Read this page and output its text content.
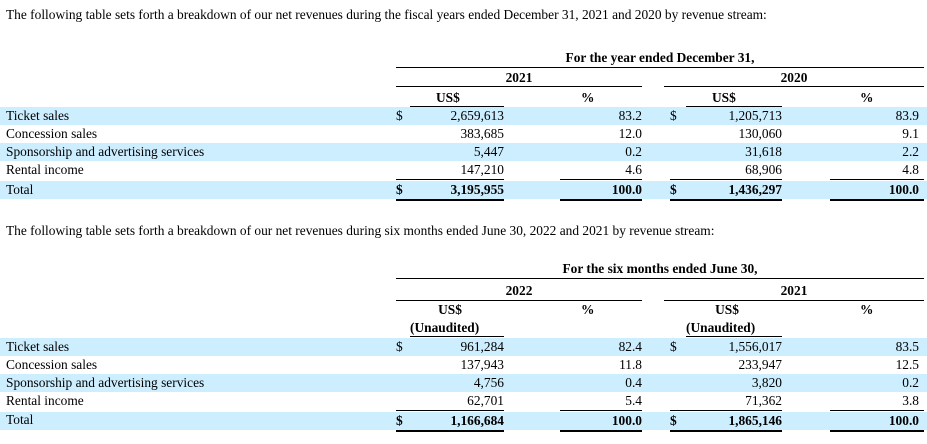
The following table sets forth a breakdown of our net revenues during the fiscal years ended December 31, 2021 and 2020 by revenue stream:
For the year ended December 31,
2021	2020
US$	%	US$	%
Ticket sales	$	2,659,613	83.2 $	1,205,713	83.9
Concession sales	383,685	12.0	130,060	9.1
Sponsorship and advertising services	5,447	0.2	31,618	2.2
Rental income	147,210	4.6	68,906	4.8
Total	$	3,195,955	100.0 $	1,436,297	100.0
The following table sets forth a breakdown of our net revenues during six months ended June 30, 2022 and 2021 by revenue stream:
For the six months ended June 30,
2022	2021
US$	%	US$	%
(Unaudited)	(Unaudited)
Ticket sales	$	961,284	82.4 $	1,556,017	83.5
Concession sales	137,943	11.8	233,947	12.5
Sponsorship and advertising services	4,756	0.4	3,820	0.2
Rental income	62,701	5.4	71,362	3.8
Total	$	1,166,684	100.0 $	1,865,146	100.0
